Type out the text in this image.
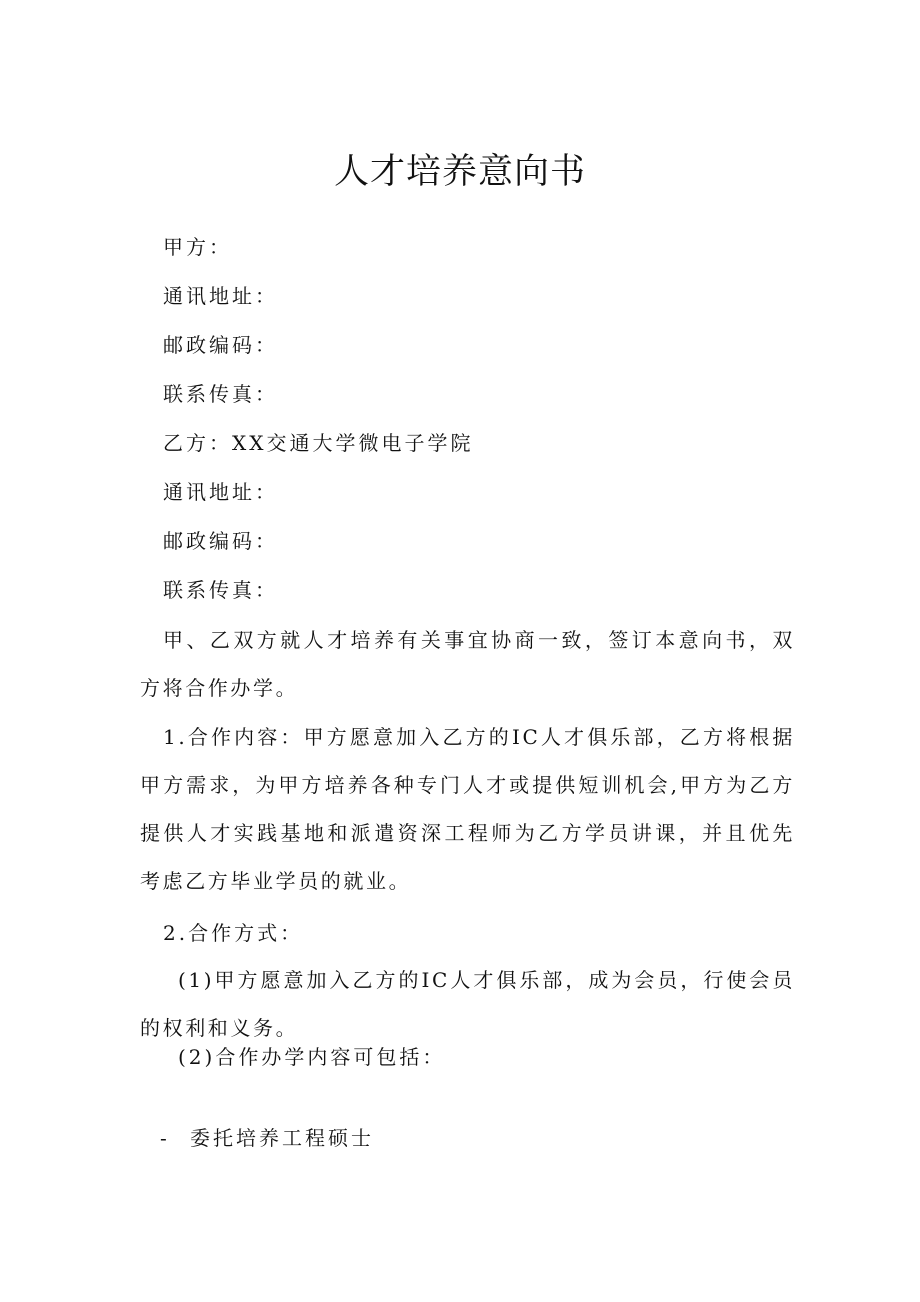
人才培养意向书
甲方：
通讯地址：
邮政编码：
联系传真：
乙方：XX交通大学微电子学院
通讯地址：
邮政编码：
联系传真：

甲、乙双方就人才培养有关事宜协商一致，签订本意向书，双方将合作办学。

1.合作内容：甲方愿意加入乙方的IC人才俱乐部，乙方将根据甲方需求，为甲方培养各种专门人才或提供短训机会,甲方为乙方提供人才实践基地和派遣资深工程师为乙方学员讲课，并且优先考虑乙方毕业学员的就业。

2.合作方式：

(1)甲方愿意加入乙方的IC人才俱乐部，成为会员，行使会员的权利和义务。

(2)合作办学内容可包括：
- 委托培养工程硕士
